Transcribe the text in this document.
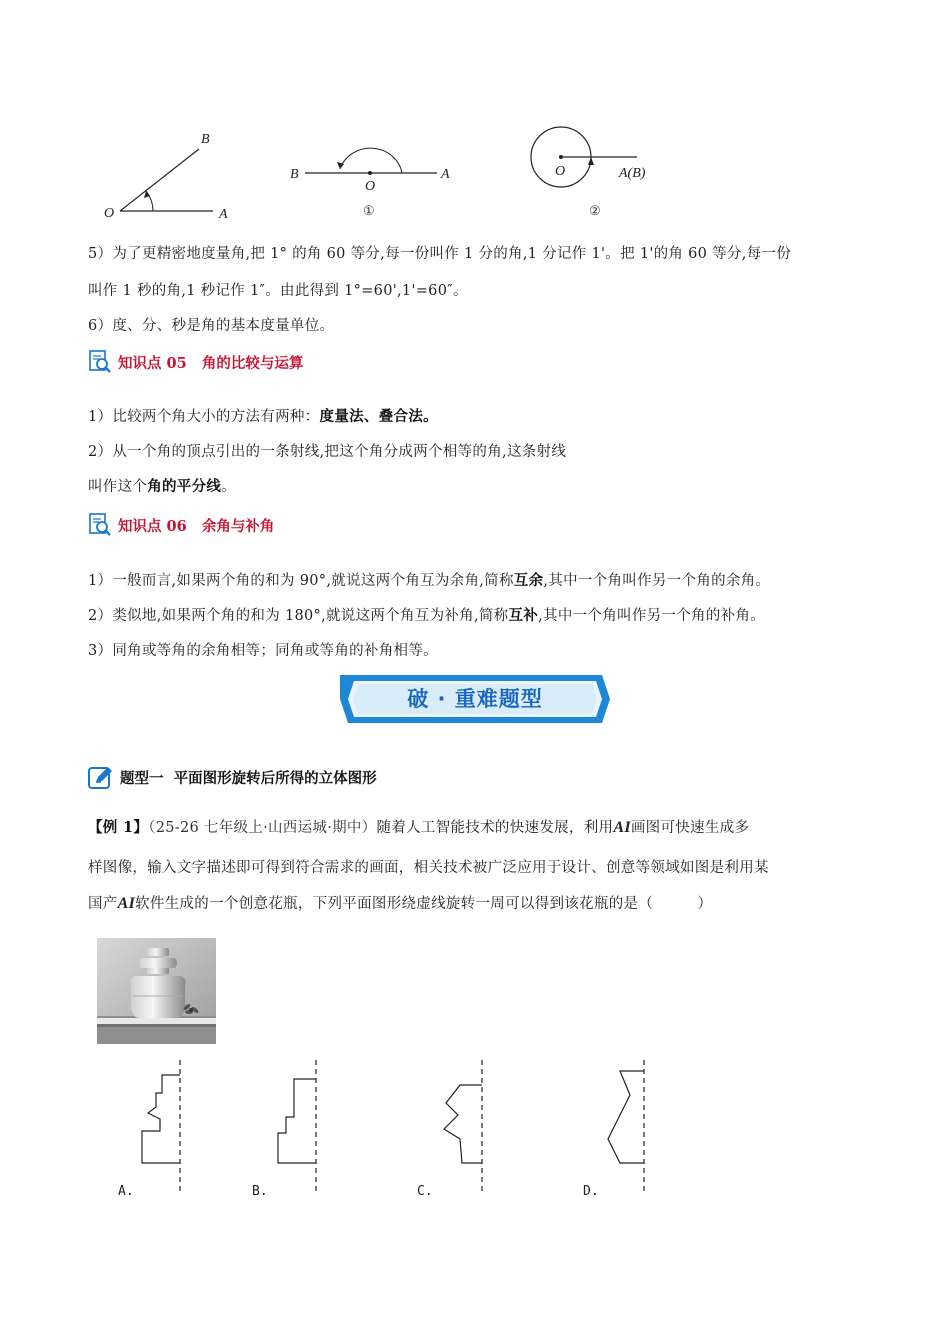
B
O	A
B
O
A
①
O	A(B)
②
5）为了更精密地度量角,把 1° 的角 60 等分,每一份叫作 1 分的角,1 分记作 1'。把 1'的角 60 等分,每一份
叫作 1 秒的角,1 秒记作 1″。由此得到 1°=60',1'=60″。
6）度、分、秒是角的基本度量单位。
知识点 05   角的比较与运算
1）比较两个角大小的方法有两种：度量法、叠合法。
2）从一个角的顶点引出的一条射线,把这个角分成两个相等的角,这条射线
叫作这个角的平分线。
知识点 06   余角与补角
1）一般而言,如果两个角的和为 90°,就说这两个角互为余角,简称互余,其中一个角叫作另一个角的余角。
2）类似地,如果两个角的和为 180°,就说这两个角互为补角,简称互补,其中一个角叫作另一个角的补角。
3）同角或等角的余角相等；同角或等角的补角相等。
破 · 重难题型
题型一  平面图形旋转后所得的立体图形
【例 1】（25-26 七年级上·山西运城·期中）随着人工智能技术的快速发展，利用AI画图可快速生成多
样图像，输入文字描述即可得到符合需求的画面，相关技术被广泛应用于设计、创意等领域如图是利用某
国产AI软件生成的一个创意花瓶，下列平面图形绕虚线旋转一周可以得到该花瓶的是（　　　）
A.	B.	C.	D.
